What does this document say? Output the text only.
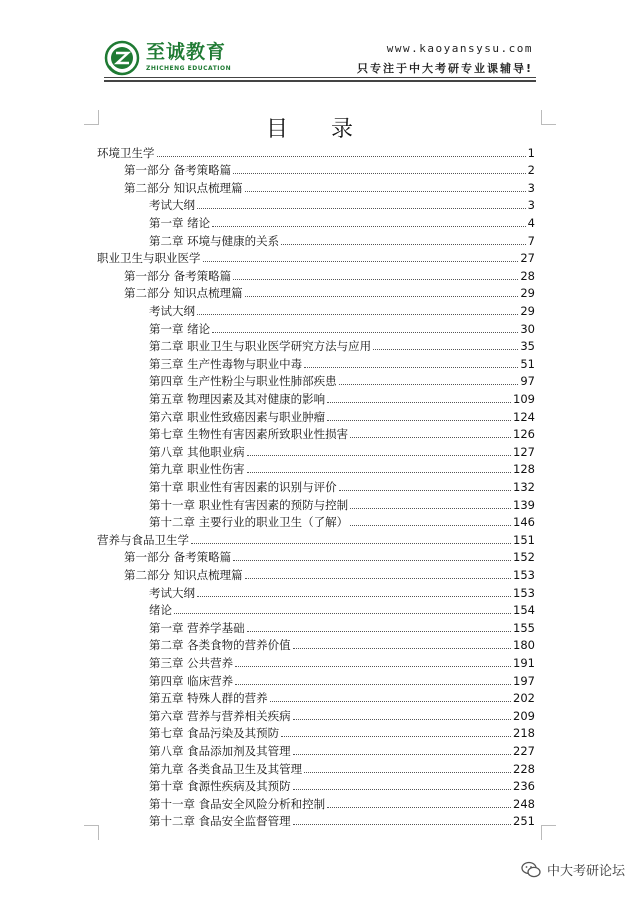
至诚教育
ZHICHENG EDUCATION
www.kaoyansysu.com
只专注于中大考研专业课辅导!
目 录
环境卫生学	1
第一部分 备考策略篇	2
第二部分 知识点梳理篇	3
考试大纲	3
第一章 绪论	4
第二章 环境与健康的关系	7
职业卫生与职业医学	27
第一部分 备考策略篇	28
第二部分 知识点梳理篇	29
考试大纲	29
第一章 绪论	30
第二章 职业卫生与职业医学研究方法与应用	35
第三章 生产性毒物与职业中毒	51
第四章 生产性粉尘与职业性肺部疾患	97
第五章 物理因素及其对健康的影响	109
第六章 职业性致癌因素与职业肿瘤	124
第七章 生物性有害因素所致职业性损害	126
第八章 其他职业病	127
第九章 职业性伤害	128
第十章 职业性有害因素的识别与评价	132
第十一章 职业性有害因素的预防与控制	139
第十二章 主要行业的职业卫生（了解）	146
营养与食品卫生学	151
第一部分 备考策略篇	152
第二部分 知识点梳理篇	153
考试大纲	153
绪论	154
第一章 营养学基础	155
第二章 各类食物的营养价值	180
第三章 公共营养	191
第四章 临床营养	197
第五章 特殊人群的营养	202
第六章 营养与营养相关疾病	209
第七章 食品污染及其预防	218
第八章 食品添加剂及其管理	227
第九章 各类食品卫生及其管理	228
第十章 食源性疾病及其预防	236
第十一章 食品安全风险分析和控制	248
第十二章 食品安全监督管理	251
中大考研论坛
